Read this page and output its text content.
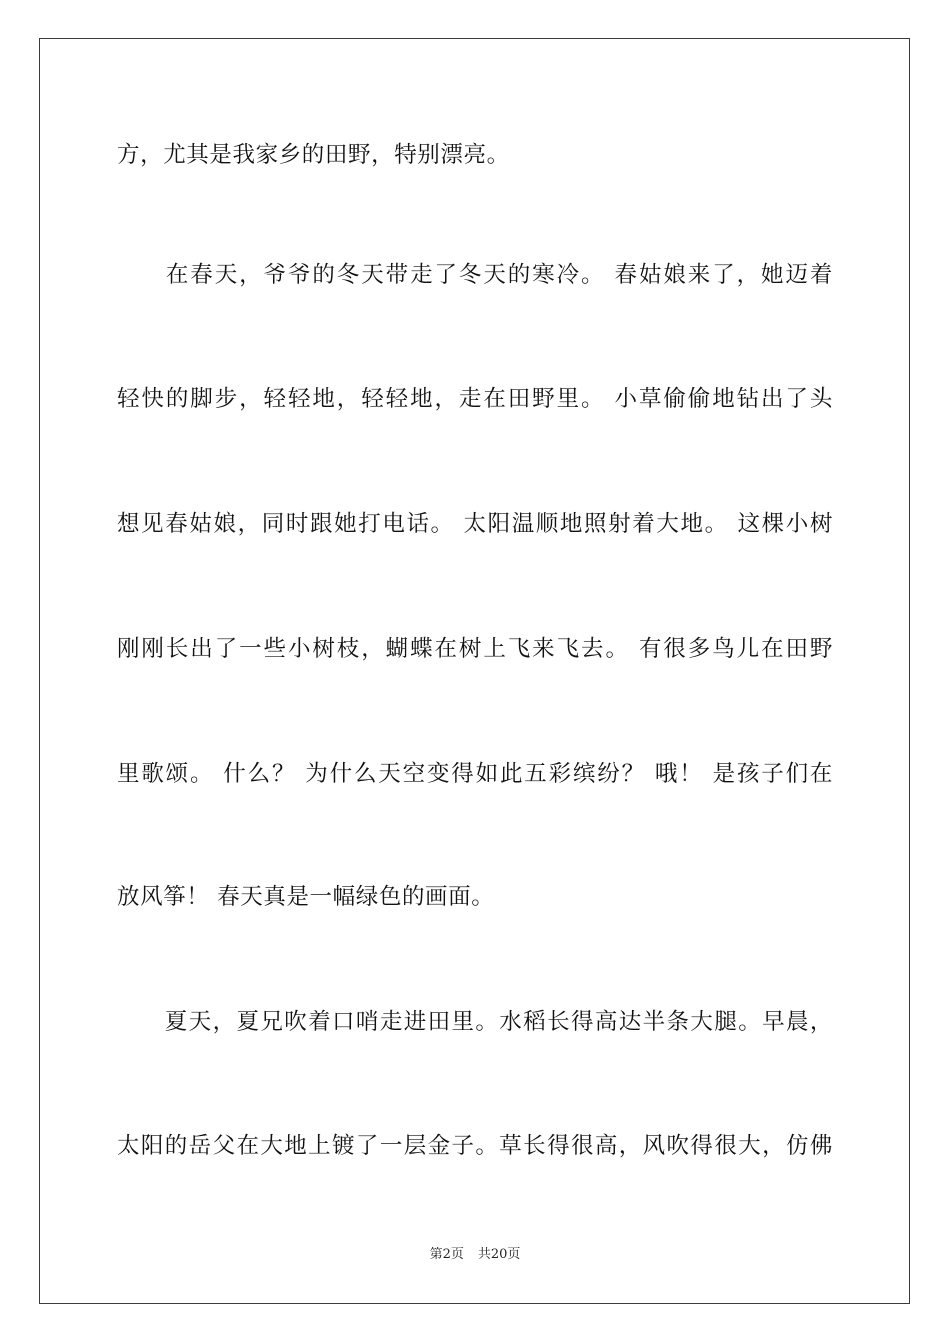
方，尤其是我家乡的田野，特别漂亮。
　　在春天，爷爷的冬天带走了冬天的寒冷。 春姑娘来了，她迈着
轻快的脚步，轻轻地，轻轻地，走在田野里。 小草偷偷地钻出了头
想见春姑娘，同时跟她打电话。 太阳温顺地照射着大地。 这棵小树
刚刚长出了一些小树枝，蝴蝶在树上飞来飞去。 有很多鸟儿在田野
里歌颂。 什么？ 为什么天空变得如此五彩缤纷？ 哦！ 是孩子们在
放风筝！ 春天真是一幅绿色的画面。
　　夏天，夏兄吹着口哨走进田里。水稻长得高达半条大腿。早晨，
太阳的岳父在大地上镀了一层金子。草长得很高，风吹得很大，仿佛
第2页 共20页
